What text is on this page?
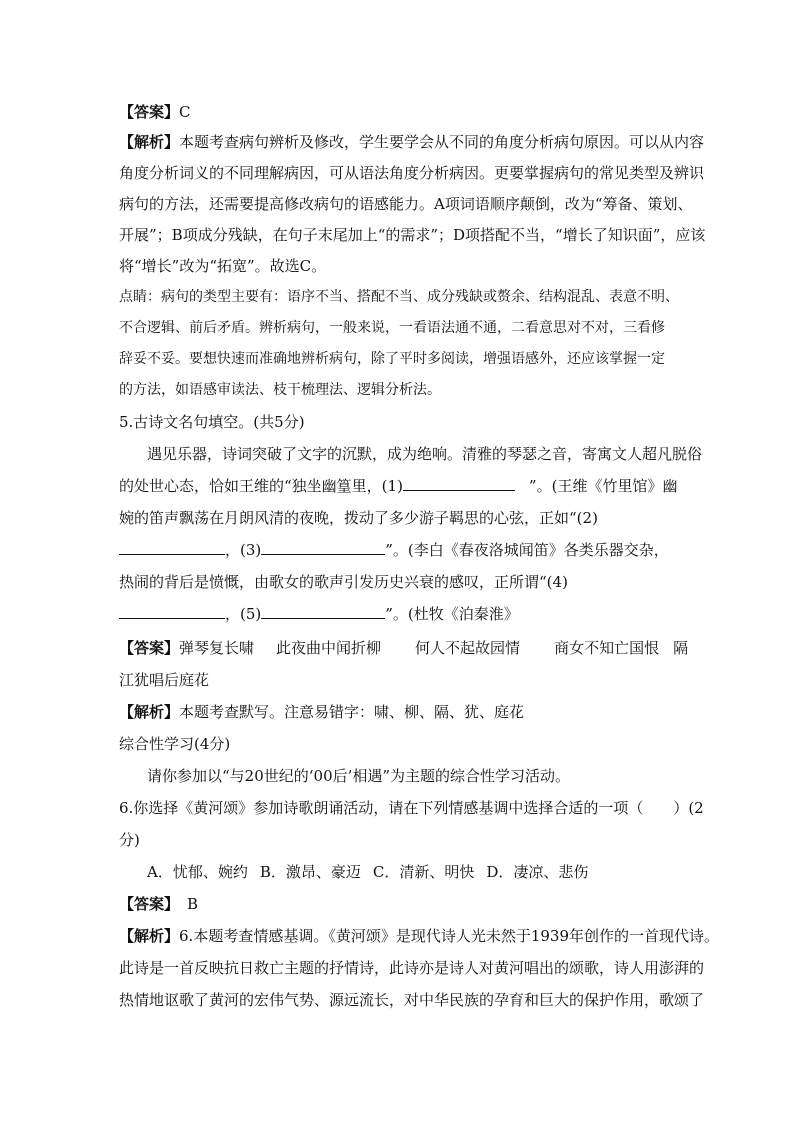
【答案】C
【解析】本题考查病句辨析及修改，学生要学会从不同的角度分析病句原因。可以从内容
角度分析词义的不同理解病因，可从语法角度分析病因。更要掌握病句的常见类型及辨识
病句的方法，还需要提高修改病句的语感能力。A项词语顺序颠倒，改为“筹备、策划、
开展”；B项成分残缺，在句子末尾加上“的需求”；D项搭配不当，“增长了知识面”，应该
将“增长”改为“拓宽”。故选C。
点睛：病句的类型主要有：语序不当、搭配不当、成分残缺或赘余、结构混乱、表意不明、
不合逻辑、前后矛盾。辨析病句，一般来说，一看语法通不通，二看意思对不对，三看修
辞妥不妥。要想快速而准确地辨析病句，除了平时多阅读，增强语感外，还应该掌握一定
的方法，如语感审读法、枝干梳理法、逻辑分析法。
5.古诗文名句填空。(共5分)
遇见乐器，诗词突破了文字的沉默，成为绝响。清雅的琴瑟之音，寄寓文人超凡脱俗
的处世心态，恰如王维的“独坐幽篁里，(1)	”。(王维《竹里馆》幽
婉的笛声飘荡在月朗风清的夜晚，拨动了多少游子羁思的心弦，正如“(2)
，(3)	”。(李白《春夜洛城闻笛》各类乐器交杂，
热闹的背后是愤慨，由歌女的歌声引发历史兴衰的感叹，正所谓“(4)
，(5)	”。(杜牧《泊秦淮》
【答案】弹琴复长啸 此夜曲中闻折柳 何人不起故园情 商女不知亡国恨 隔
江犹唱后庭花
【解析】本题考查默写。注意易错字：啸、柳、隔、犹、庭花
综合性学习(4分)
请你参加以“与20世纪的‘00后’相遇”为主题的综合性学习活动。
6.你选择《黄河颂》参加诗歌朗诵活动，请在下列情感基调中选择合适的一项（　　）(2
分)
A．忧郁、婉约 B．激昂、豪迈 C．清新、明快 D．凄凉、悲伤
【答案】 B
【解析】6.本题考查情感基调。《黄河颂》是现代诗人光未然于1939年创作的一首现代诗。
此诗是一首反映抗日救亡主题的抒情诗，此诗亦是诗人对黄河唱出的颂歌，诗人用澎湃的
热情地讴歌了黄河的宏伟气势、源远流长，对中华民族的孕育和巨大的保护作用，歌颂了
